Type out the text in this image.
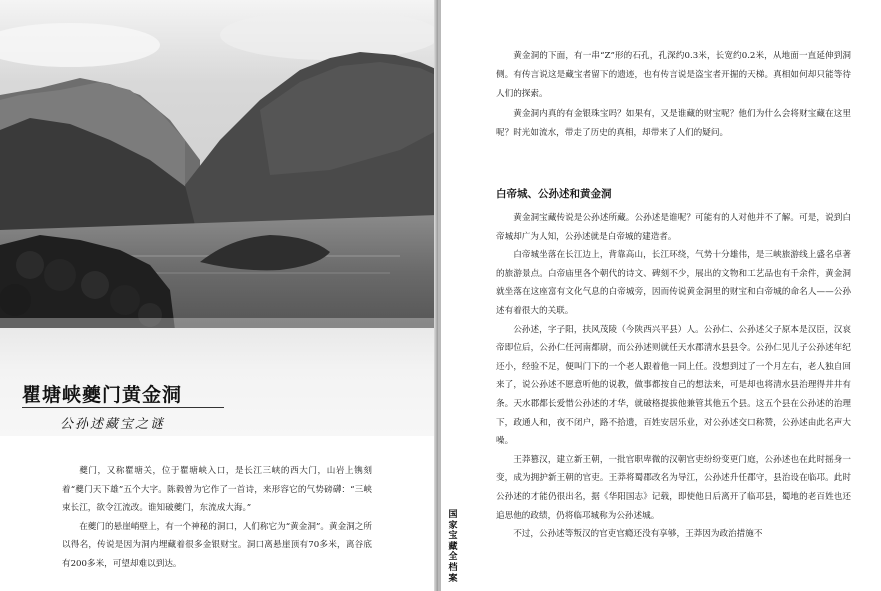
瞿塘峡夔门黄金洞
公孙述藏宝之谜

夔门，又称瞿塘关，位于瞿塘峡入口，是长江三峡的西大门，山岩上镌刻着“夔门天下雄”五个大字。陈毅曾为它作了一首诗，来形容它的气势磅礴：“三峡束长江，欲令江流改。谁知破夔门，东流成大海。”

在夔门的悬崖峭壁上，有一个神秘的洞口，人们称它为“黄金洞”。黄金洞之所以得名，传说是因为洞内埋藏着很多金银财宝。洞口离悬崖顶有70多米，离谷底有200多米，可望却难以到达。

黄金洞的下面，有一串“Z”形的石孔，孔深约0.3米，长宽约0.2米，从地面一直延伸到洞侧。有传言说这是藏宝者留下的遗迹，也有传言说是盗宝者开掘的天梯。真相如何却只能等待人们的探索。

黄金洞内真的有金银珠宝吗？如果有，又是谁藏的财宝呢？他们为什么会将财宝藏在这里呢？时光如流水，带走了历史的真相，却带来了人们的疑问。

白帝城、公孙述和黄金洞

黄金洞宝藏传说是公孙述所藏。公孙述是谁呢？可能有的人对他并不了解。可是，说到白帝城却广为人知，公孙述就是白帝城的建造者。

白帝城坐落在长江边上，背靠高山，长江环绕，气势十分雄伟，是三峡旅游线上盛名卓著的旅游景点。白帝庙里各个朝代的诗文、碑刻不少，展出的文物和工艺品也有千余件，黄金洞就坐落在这座富有文化气息的白帝城旁，因而传说黄金洞里的财宝和白帝城的命名人——公孙述有着很大的关联。

公孙述，字子阳，扶风茂陵（今陕西兴平县）人。公孙仁、公孙述父子原本是汉臣，汉哀帝即位后，公孙仁任河南都尉，而公孙述则就任天水郡清水县县令。公孙仁见儿子公孙述年纪还小，经验不足，便叫门下的一个老人跟着他一同上任。没想到过了一个月左右，老人独自回来了，说公孙述不愿意听他的说教，做事都按自己的想法来，可是却也将清水县治理得井井有条。天水郡都长爱惜公孙述的才华，就破格提拔他兼管其他五个县。这五个县在公孙述的治理下，政通人和，夜不闭户，路不拾遗，百姓安居乐业，对公孙述交口称赞，公孙述由此名声大噪。

王莽篡汉，建立新王朝，一批官职卑微的汉朝官吏纷纷变更门庭，公孙述也在此时摇身一变，成为拥护新王朝的官吏。王莽将蜀郡改名为导江，公孙述升任郡守，县治设在临邛。此时公孙述的才能仍很出名，据《华阳国志》记载，即使他日后离开了临邛县，蜀地的老百姓也还追思他的政绩，仍将临邛城称为公孙述城。

不过，公孙述等叛汉的官吏官瘾还没有享够，王莽因为政治措施不

国家宝藏全档案
